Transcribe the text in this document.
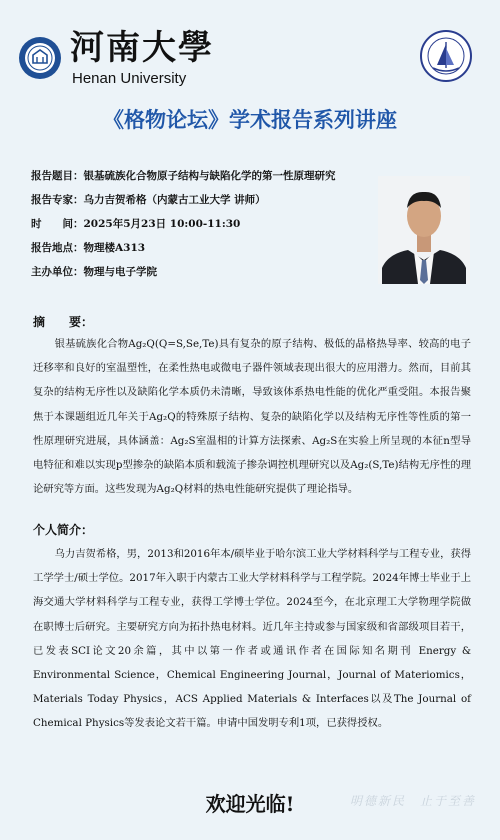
河南大學
Henan University
《格物论坛》学术报告系列讲座
报告题目：银基硫族化合物原子结构与缺陷化学的第一性原理研究
报告专家：乌力吉贺希格（内蒙古工业大学 讲师）
时　　间：2025年5月23日 10:00-11:30
报告地点：物理楼A313
主办单位：物理与电子学院
摘　　要：
银基硫族化合物Ag₂Q(Q=S,Se,Te)具有复杂的原子结构、极低的晶格热导率、较高的电子迁移率和良好的室温塑性，在柔性热电或微电子器件领域表现出很大的应用潜力。然而，目前其复杂的结构无序性以及缺陷化学本质仍未清晰，导致该体系热电性能的优化严重受阻。本报告聚焦于本课题组近几年关于Ag₂Q的特殊原子结构、复杂的缺陷化学以及结构无序性等性质的第一性原理研究进展，具体涵盖：Ag₂S室温相的计算方法探索、Ag₂S在实验上所呈现的本征n型导电特征和难以实现p型掺杂的缺陷本质和载流子掺杂调控机理研究以及Ag₂(S,Te)结构无序性的理论研究等方面。这些发现为Ag₂Q材料的热电性能研究提供了理论指导。
个人简介：
乌力吉贺希格，男，2013和2016年本/硕毕业于哈尔滨工业大学材料科学与工程专业，获得工学学士/硕士学位。2017年入职于内蒙古工业大学材料科学与工程学院。2024年博士毕业于上海交通大学材料科学与工程专业，获得工学博士学位。2024至今，在北京理工大学物理学院做在职博士后研究。主要研究方向为拓扑热电材料。近几年主持或参与国家级和省部级项目若干，已发表SCI论文20余篇，其中以第一作者或通讯作者在国际知名期刊 Energy & Environmental Science，Chemical Engineering Journal，Journal of Materiomics，Materials Today Physics，ACS Applied Materials & Interfaces以及The Journal of Chemical Physics等发表论文若干篇。申请中国发明专利1项，已获得授权。
欢迎光临!	明德新民　止于至善
